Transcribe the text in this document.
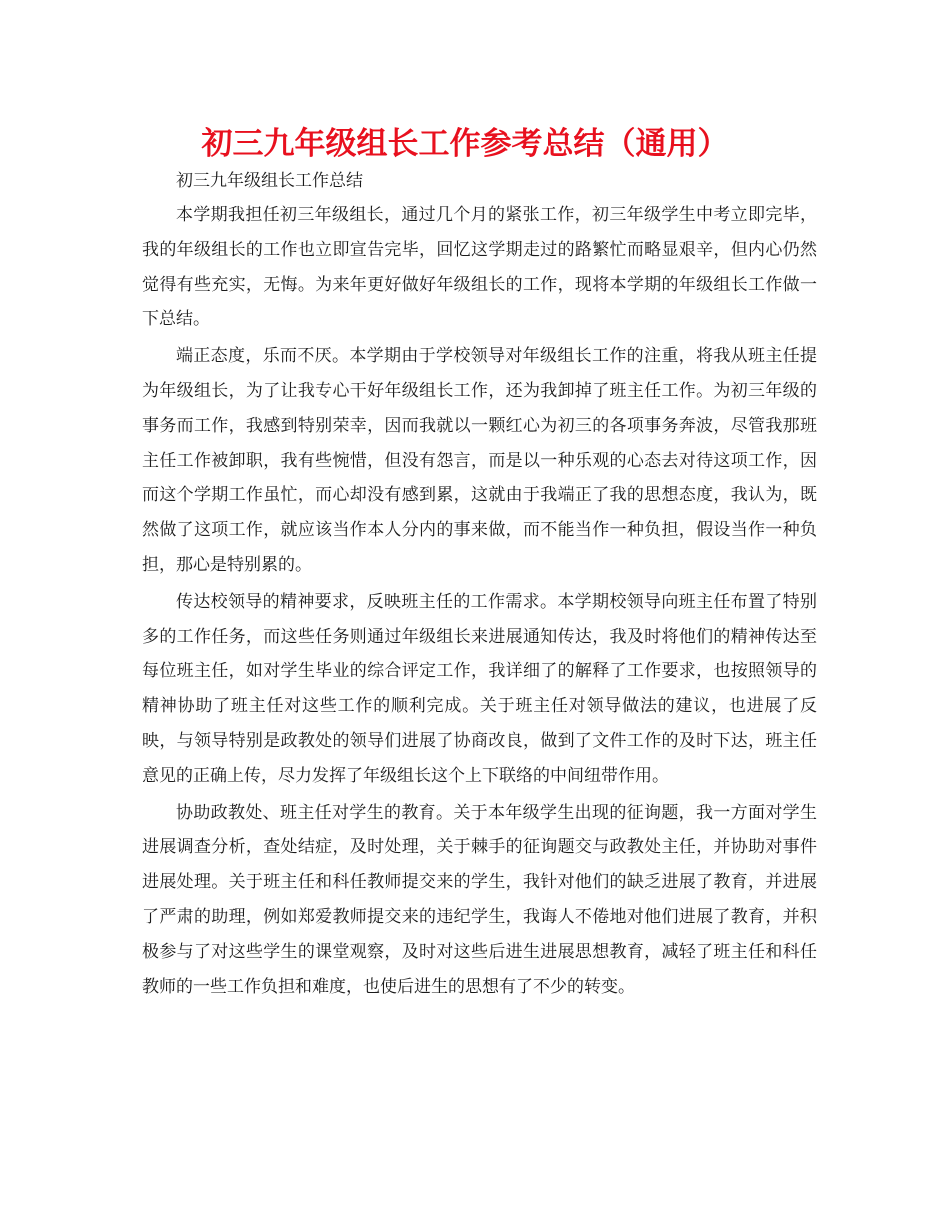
初三九年级组长工作参考总结（通用）

初三九年级组长工作总结

本学期我担任初三年级组长，通过几个月的紧张工作，初三年级学生中考立即完毕，我的年级组长的工作也立即宣告完毕，回忆这学期走过的路繁忙而略显艰辛，但内心仍然觉得有些充实，无悔。为来年更好做好年级组长的工作，现将本学期的年级组长工作做一下总结。

端正态度，乐而不厌。本学期由于学校领导对年级组长工作的注重，将我从班主任提为年级组长，为了让我专心干好年级组长工作，还为我卸掉了班主任工作。为初三年级的事务而工作，我感到特别荣幸，因而我就以一颗红心为初三的各项事务奔波，尽管我那班主任工作被卸职，我有些惋惜，但没有怨言，而是以一种乐观的心态去对待这项工作，因而这个学期工作虽忙，而心却没有感到累，这就由于我端正了我的思想态度，我认为，既然做了这项工作，就应该当作本人分内的事来做，而不能当作一种负担，假设当作一种负担，那心是特别累的。

传达校领导的精神要求，反映班主任的工作需求。本学期校领导向班主任布置了特别多的工作任务，而这些任务则通过年级组长来进展通知传达，我及时将他们的精神传达至每位班主任，如对学生毕业的综合评定工作，我详细了的解释了工作要求，也按照领导的精神协助了班主任对这些工作的顺利完成。关于班主任对领导做法的建议，也进展了反映，与领导特别是政教处的领导们进展了协商改良，做到了文件工作的及时下达，班主任意见的正确上传，尽力发挥了年级组长这个上下联络的中间纽带作用。

协助政教处、班主任对学生的教育。关于本年级学生出现的征询题，我一方面对学生进展调查分析，查处结症，及时处理，关于棘手的征询题交与政教处主任，并协助对事件进展处理。关于班主任和科任教师提交来的学生，我针对他们的缺乏进展了教育，并进展了严肃的助理，例如郑爱教师提交来的违纪学生，我诲人不倦地对他们进展了教育，并积极参与了对这些学生的课堂观察，及时对这些后进生进展思想教育，减轻了班主任和科任教师的一些工作负担和难度，也使后进生的思想有了不少的转变。
